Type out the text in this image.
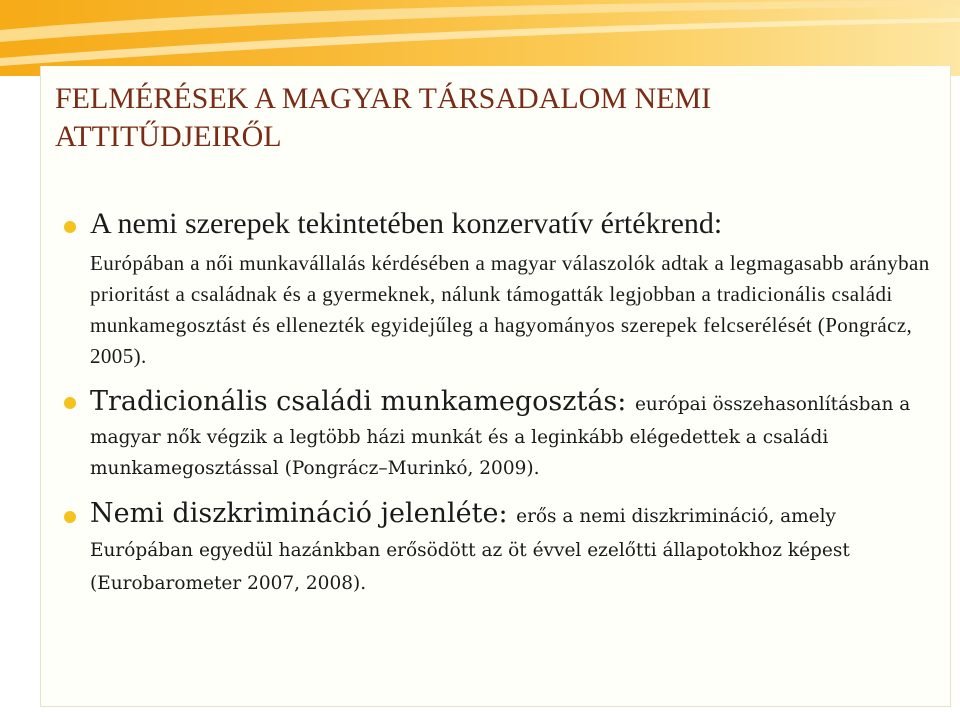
FELMÉRÉSEK A MAGYAR TÁRSADALOM NEMI
ATTITŰDJEIRŐL
A nemi szerepek tekintetében konzervatív értékrend:
Európában a női munkavállalás kérdésében a magyar válaszolók adtak a legmagasabb arányban prioritást a családnak és a gyermeknek, nálunk támogatták legjobban a tradicionális családi munkamegosztást és ellenezték egyidejűleg a hagyományos szerepek felcserélését (Pongrácz, 2005).
Tradicionális családi munkamegosztás: európai összehasonlításban a magyar nők végzik a legtöbb házi munkát és a leginkább elégedettek a családi munkamegosztással (Pongrácz–Murinkó, 2009).
Nemi diszkrimináció jelenléte: erős a nemi diszkrimináció, amely Európában egyedül hazánkban erősödött az öt évvel ezelőtti állapotokhoz képest (Eurobarometer 2007, 2008).
